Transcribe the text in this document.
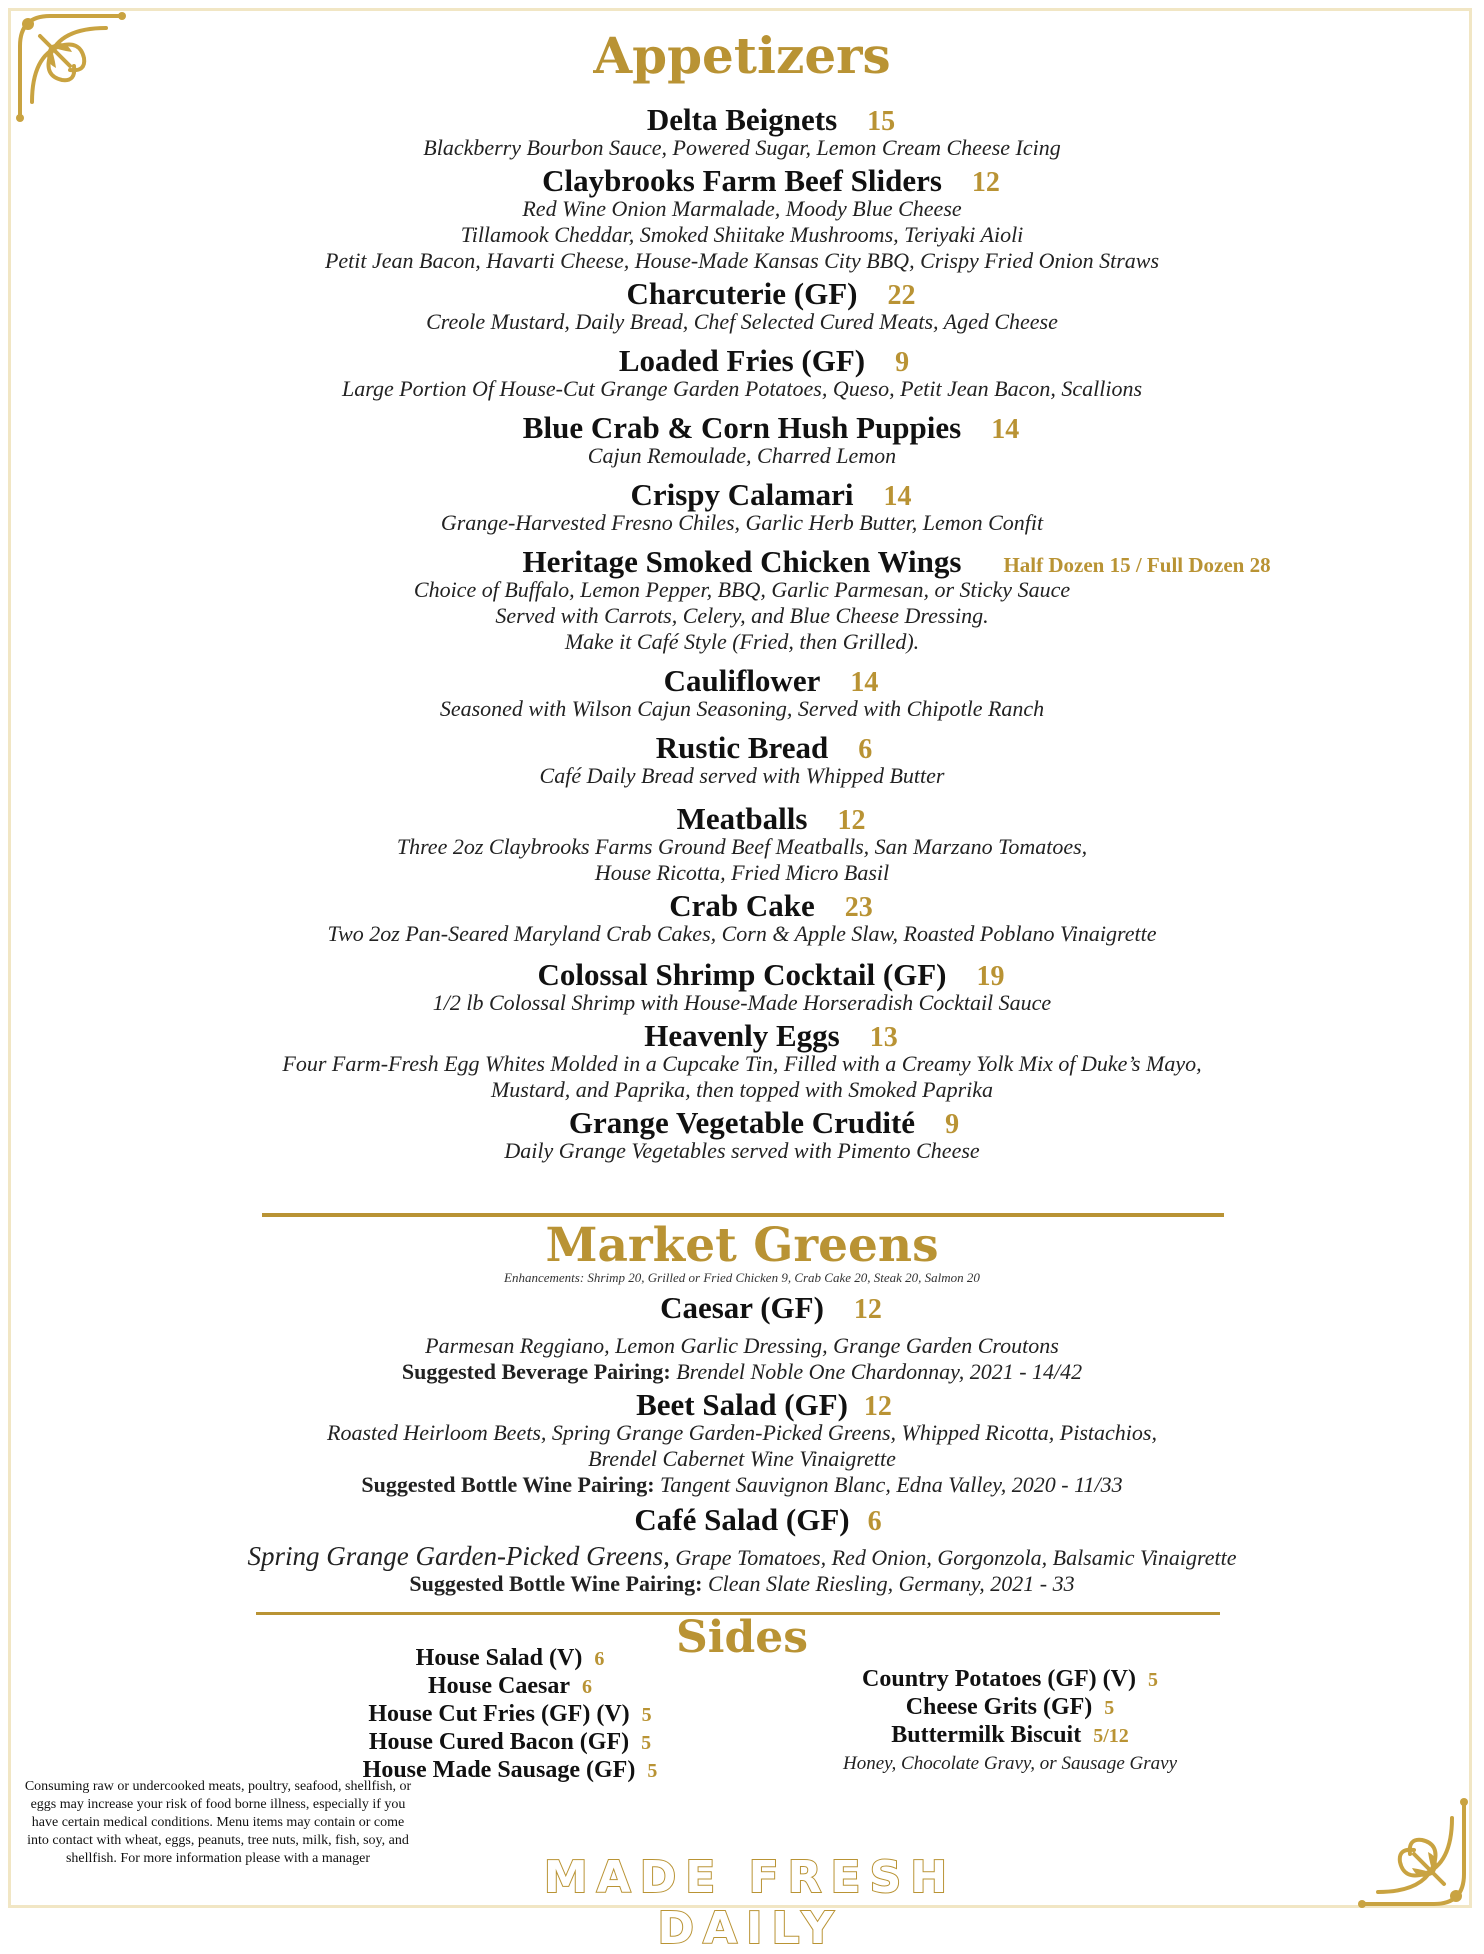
Appetizers
Delta Beignets 15

Blackberry Bourbon Sauce, Powered Sugar, Lemon Cream Cheese Icing

Claybrooks Farm Beef Sliders 12

Red Wine Onion Marmalade, Moody Blue Cheese

Tillamook Cheddar, Smoked Shiitake Mushrooms, Teriyaki Aioli

Petit Jean Bacon, Havarti Cheese, House-Made Kansas City BBQ, Crispy Fried Onion Straws

Charcuterie (GF) 22

Creole Mustard, Daily Bread, Chef Selected Cured Meats, Aged Cheese

Loaded Fries (GF) 9

Large Portion Of House-Cut Grange Garden Potatoes, Queso, Petit Jean Bacon, Scallions

Blue Crab & Corn Hush Puppies 14

Cajun Remoulade, Charred Lemon

Crispy Calamari 14

Grange-Harvested Fresno Chiles, Garlic Herb Butter, Lemon Confit

Heritage Smoked Chicken Wings Half Dozen 15 / Full Dozen 28

Choice of Buffalo, Lemon Pepper, BBQ, Garlic Parmesan, or Sticky Sauce

Served with Carrots, Celery, and Blue Cheese Dressing.

Make it Café Style (Fried, then Grilled).

Cauliflower 14

Seasoned with Wilson Cajun Seasoning, Served with Chipotle Ranch

Rustic Bread 6

Café Daily Bread served with Whipped Butter

Meatballs 12

Three 2oz Claybrooks Farms Ground Beef Meatballs, San Marzano Tomatoes,

House Ricotta, Fried Micro Basil

Crab Cake 23

Two 2oz Pan-Seared Maryland Crab Cakes, Corn & Apple Slaw, Roasted Poblano Vinaigrette

Colossal Shrimp Cocktail (GF) 19

1/2 lb Colossal Shrimp with House-Made Horseradish Cocktail Sauce

Heavenly Eggs 13

Four Farm-Fresh Egg Whites Molded in a Cupcake Tin, Filled with a Creamy Yolk Mix of Duke’s Mayo,

Mustard, and Paprika, then topped with Smoked Paprika

Grange Vegetable Crudité 9

Daily Grange Vegetables served with Pimento Cheese

Market Greens
Enhancements: Shrimp 20, Grilled or Fried Chicken 9, Crab Cake 20, Steak 20, Salmon 20
Caesar (GF) 12

Parmesan Reggiano, Lemon Garlic Dressing, Grange Garden Croutons

Suggested Beverage Pairing: Brendel Noble One Chardonnay, 2021 - 14/42

Beet Salad (GF) 12

Roasted Heirloom Beets, Spring Grange Garden-Picked Greens, Whipped Ricotta, Pistachios,

Brendel Cabernet Wine Vinaigrette

Suggested Bottle Wine Pairing: Tangent Sauvignon Blanc, Edna Valley, 2020 - 11/33

Café Salad (GF) 6

Spring Grange Garden-Picked Greens, Grape Tomatoes, Red Onion, Gorgonzola, Balsamic Vinaigrette

Suggested Bottle Wine Pairing: Clean Slate Riesling, Germany, 2021 - 33

Sides
House Salad (V) 6
House Caesar 6
House Cut Fries (GF) (V) 5
House Cured Bacon (GF) 5
House Made Sausage (GF) 5
Country Potatoes (GF) (V) 5
Cheese Grits (GF) 5
Buttermilk Biscuit 5/12
Honey, Chocolate Gravy, or Sausage Gravy
Consuming raw or undercooked meats, poultry, seafood, shellfish, or eggs may increase your risk of food borne illness, especially if you have certain medical conditions. Menu items may contain or come into contact with wheat, eggs, peanuts, tree nuts, milk, fish, soy, and shellfish. For more information please with a manager	MADE FRESH DAILY
